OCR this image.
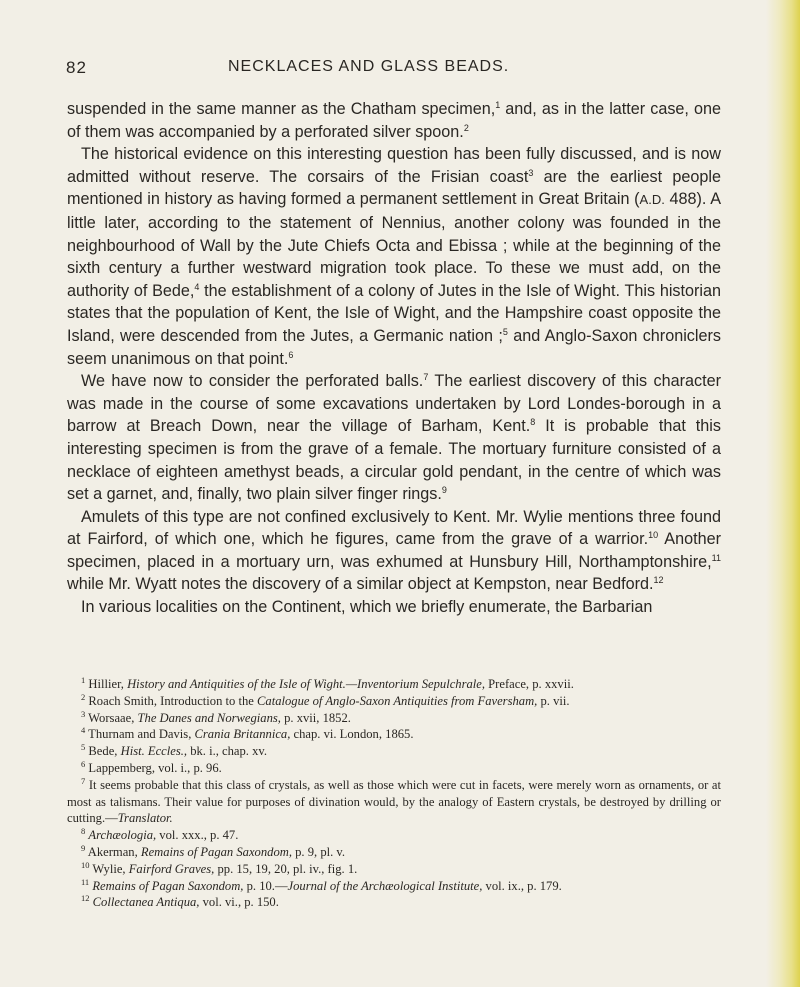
82	NECKLACES AND GLASS BEADS.

suspended in the same manner as the Chatham specimen,$^1$ and, as in the latter case, one of them was accompanied by a perforated silver spoon.$^2$

The historical evidence on this interesting question has been fully discussed, and is now admitted without reserve. The corsairs of the Frisian coast$^3$ are the earliest people mentioned in history as having formed a permanent settlement in Great Britain (A.D. 488). A little later, according to the statement of Nennius, another colony was founded in the neighbourhood of Wall by the Jute Chiefs Octa and Ebissa ; while at the beginning of the sixth century a further westward migration took place. To these we must add, on the authority of Bede,$^4$ the establishment of a colony of Jutes in the Isle of Wight. This historian states that the population of Kent, the Isle of Wight, and the Hampshire coast opposite the Island, were descended from the Jutes, a Germanic nation ;$^5$ and Anglo-Saxon chroniclers seem unanimous on that point.$^6$

We have now to consider the perforated balls.$^7$ The earliest discovery of this character was made in the course of some excavations undertaken by Lord Londes-borough in a barrow at Breach Down, near the village of Barham, Kent.$^8$ It is probable that this interesting specimen is from the grave of a female. The mortuary furniture consisted of a necklace of eighteen amethyst beads, a circular gold pendant, in the centre of which was set a garnet, and, finally, two plain silver finger rings.$^9$

Amulets of this type are not confined exclusively to Kent. Mr. Wylie mentions three found at Fairford, of which one, which he figures, came from the grave of a warrior.$^{10}$ Another specimen, placed in a mortuary urn, was exhumed at Hunsbury Hill, Northamptonshire,$^{11}$ while Mr. Wyatt notes the discovery of a similar object at Kempston, near Bedford.$^{12}$

In various localities on the Continent, which we briefly enumerate, the Barbarian

$^1$ Hillier, History and Antiquities of the Isle of Wight.—Inventorium Sepulchrale, Preface, p. xxvii.

$^2$ Roach Smith, Introduction to the Catalogue of Anglo-Saxon Antiquities from Faversham, p. vii.

$^3$ Worsaae, The Danes and Norwegians, p. xvii, 1852.

$^4$ Thurnam and Davis, Crania Britannica, chap. vi. London, 1865.

$^5$ Bede, Hist. Eccles., bk. i., chap. xv.

$^6$ Lappemberg, vol. i., p. 96.

$^7$ It seems probable that this class of crystals, as well as those which were cut in facets, were merely worn as ornaments, or at most as talismans. Their value for purposes of divination would, by the analogy of Eastern crystals, be destroyed by drilling or cutting.—Translator.

$^8$ Archæologia, vol. xxx., p. 47.

$^9$ Akerman, Remains of Pagan Saxondom, p. 9, pl. v.

$^{10}$ Wylie, Fairford Graves, pp. 15, 19, 20, pl. iv., fig. 1.

$^{11}$ Remains of Pagan Saxondom, p. 10.—Journal of the Archæological Institute, vol. ix., p. 179.

$^{12}$ Collectanea Antiqua, vol. vi., p. 150.
